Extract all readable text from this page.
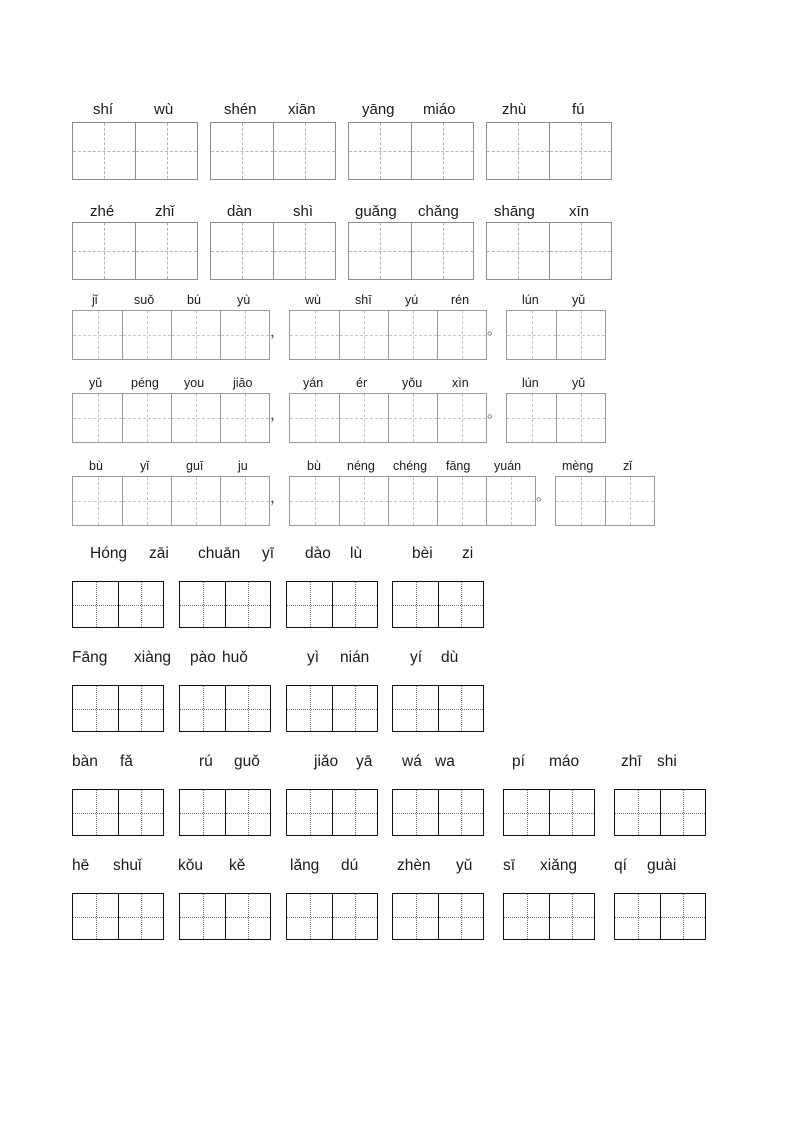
shí	wù	shén xiān	yāng miáo	zhù	fú
zhé	zhǐ	dàn	shì	guǎng chǎng shāng xīn
jǐ	suǒ	bú	yù	wù	shī	yú	rén	lún	yǔ
，	。
yǔ péng you jiāo	yán	ér	yǒu xìn	lún	yǔ
，	。
bù	yǐ	guī	ju	bù néng chéng fāng yuán	mèng zǐ
，	。
Hóng zāi chuān yī dào lù	bèi zi
Fāng xiàng pào huǒ	yì nián	yí dù
bàn fǎ	rú guǒ	jiǎo yā wá wa	pí máo	zhī shi
hē shuǐ kǒu kě	lǎng dú	zhèn yǔ sī xiǎng qí guài
